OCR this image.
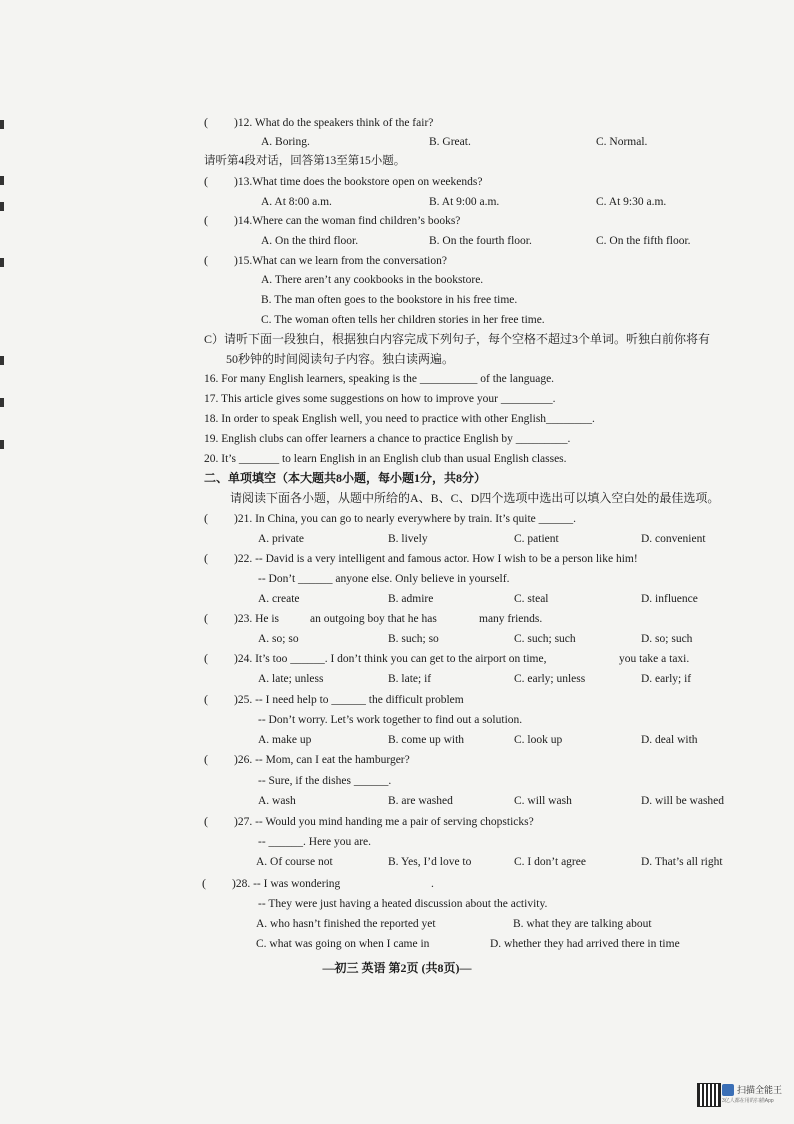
( )12. What do the speakers think of the fair?
A. Boring.	B. Great.	C. Normal.
请听第4段对话，回答第13至第15小题。
( )13.What time does the bookstore open on weekends?
A. At 8:00 a.m.	B. At 9:00 a.m.	C. At 9:30 a.m.
( )14.Where can the woman find children’s books?
A. On the third floor.	B. On the fourth floor.	C. On the fifth floor.
( )15.What can we learn from the conversation?
A. There aren’t any cookbooks in the bookstore.
B. The man often goes to the bookstore in his free time.
C. The woman often tells her children stories in her free time.
C）请听下面一段独白，根据独白内容完成下列句子，每个空格不超过3个单词。听独白前你将有
50秒钟的时间阅读句子内容。独白读两遍。
16. For many English learners, speaking is the __________ of the language.
17. This article gives some suggestions on how to improve your _________.
18. In order to speak English well, you need to practice with other English________.
19. English clubs can offer learners a chance to practice English by _________.
20. It’s _______ to learn English in an English club than usual English classes.
二、单项填空（本大题共8小题，每小题1分，共8分）
请阅读下面各小题，从题中所给的A、B、C、D四个选项中选出可以填入空白处的最佳选项。
( )21. In China, you can go to nearly everywhere by train. It’s quite ______.
A. private	B. lively	C. patient	D. convenient
( )22. -- David is a very intelligent and famous actor. How I wish to be a person like him!
-- Don’t ______ anyone else. Only believe in yourself.
A. create	B. admire	C. steal	D. influence
( )23. He is	an outgoing boy that he has	many friends.
A. so; so	B. such; so	C. such; such	D. so; such
( )24. It’s too ______. I don’t think you can get to the airport on time,	you take a taxi.
A. late; unless	B. late; if	C. early; unless	D. early; if
( )25. -- I need help to ______ the difficult problem
-- Don’t worry. Let’s work together to find out a solution.
A. make up	B. come up with	C. look up	D. deal with
( )26. -- Mom, can I eat the hamburger?
-- Sure, if the dishes ______.
A. wash	B. are washed	C. will wash	D. will be washed
( )27. -- Would you mind handing me a pair of serving chopsticks?
-- ______. Here you are.
A. Of course not	B. Yes, I’d love to	C. I don’t agree	D. That’s all right
( )28. -- I was wondering	.
-- They were just having a heated discussion about the activity.
A. who hasn’t finished the reported yet	B. what they are talking about
C. what was going on when I came in	D. whether they had arrived there in time
—初三 英语 第2页 (共8页)—
扫描全能王
3亿人都在用的扫描App
